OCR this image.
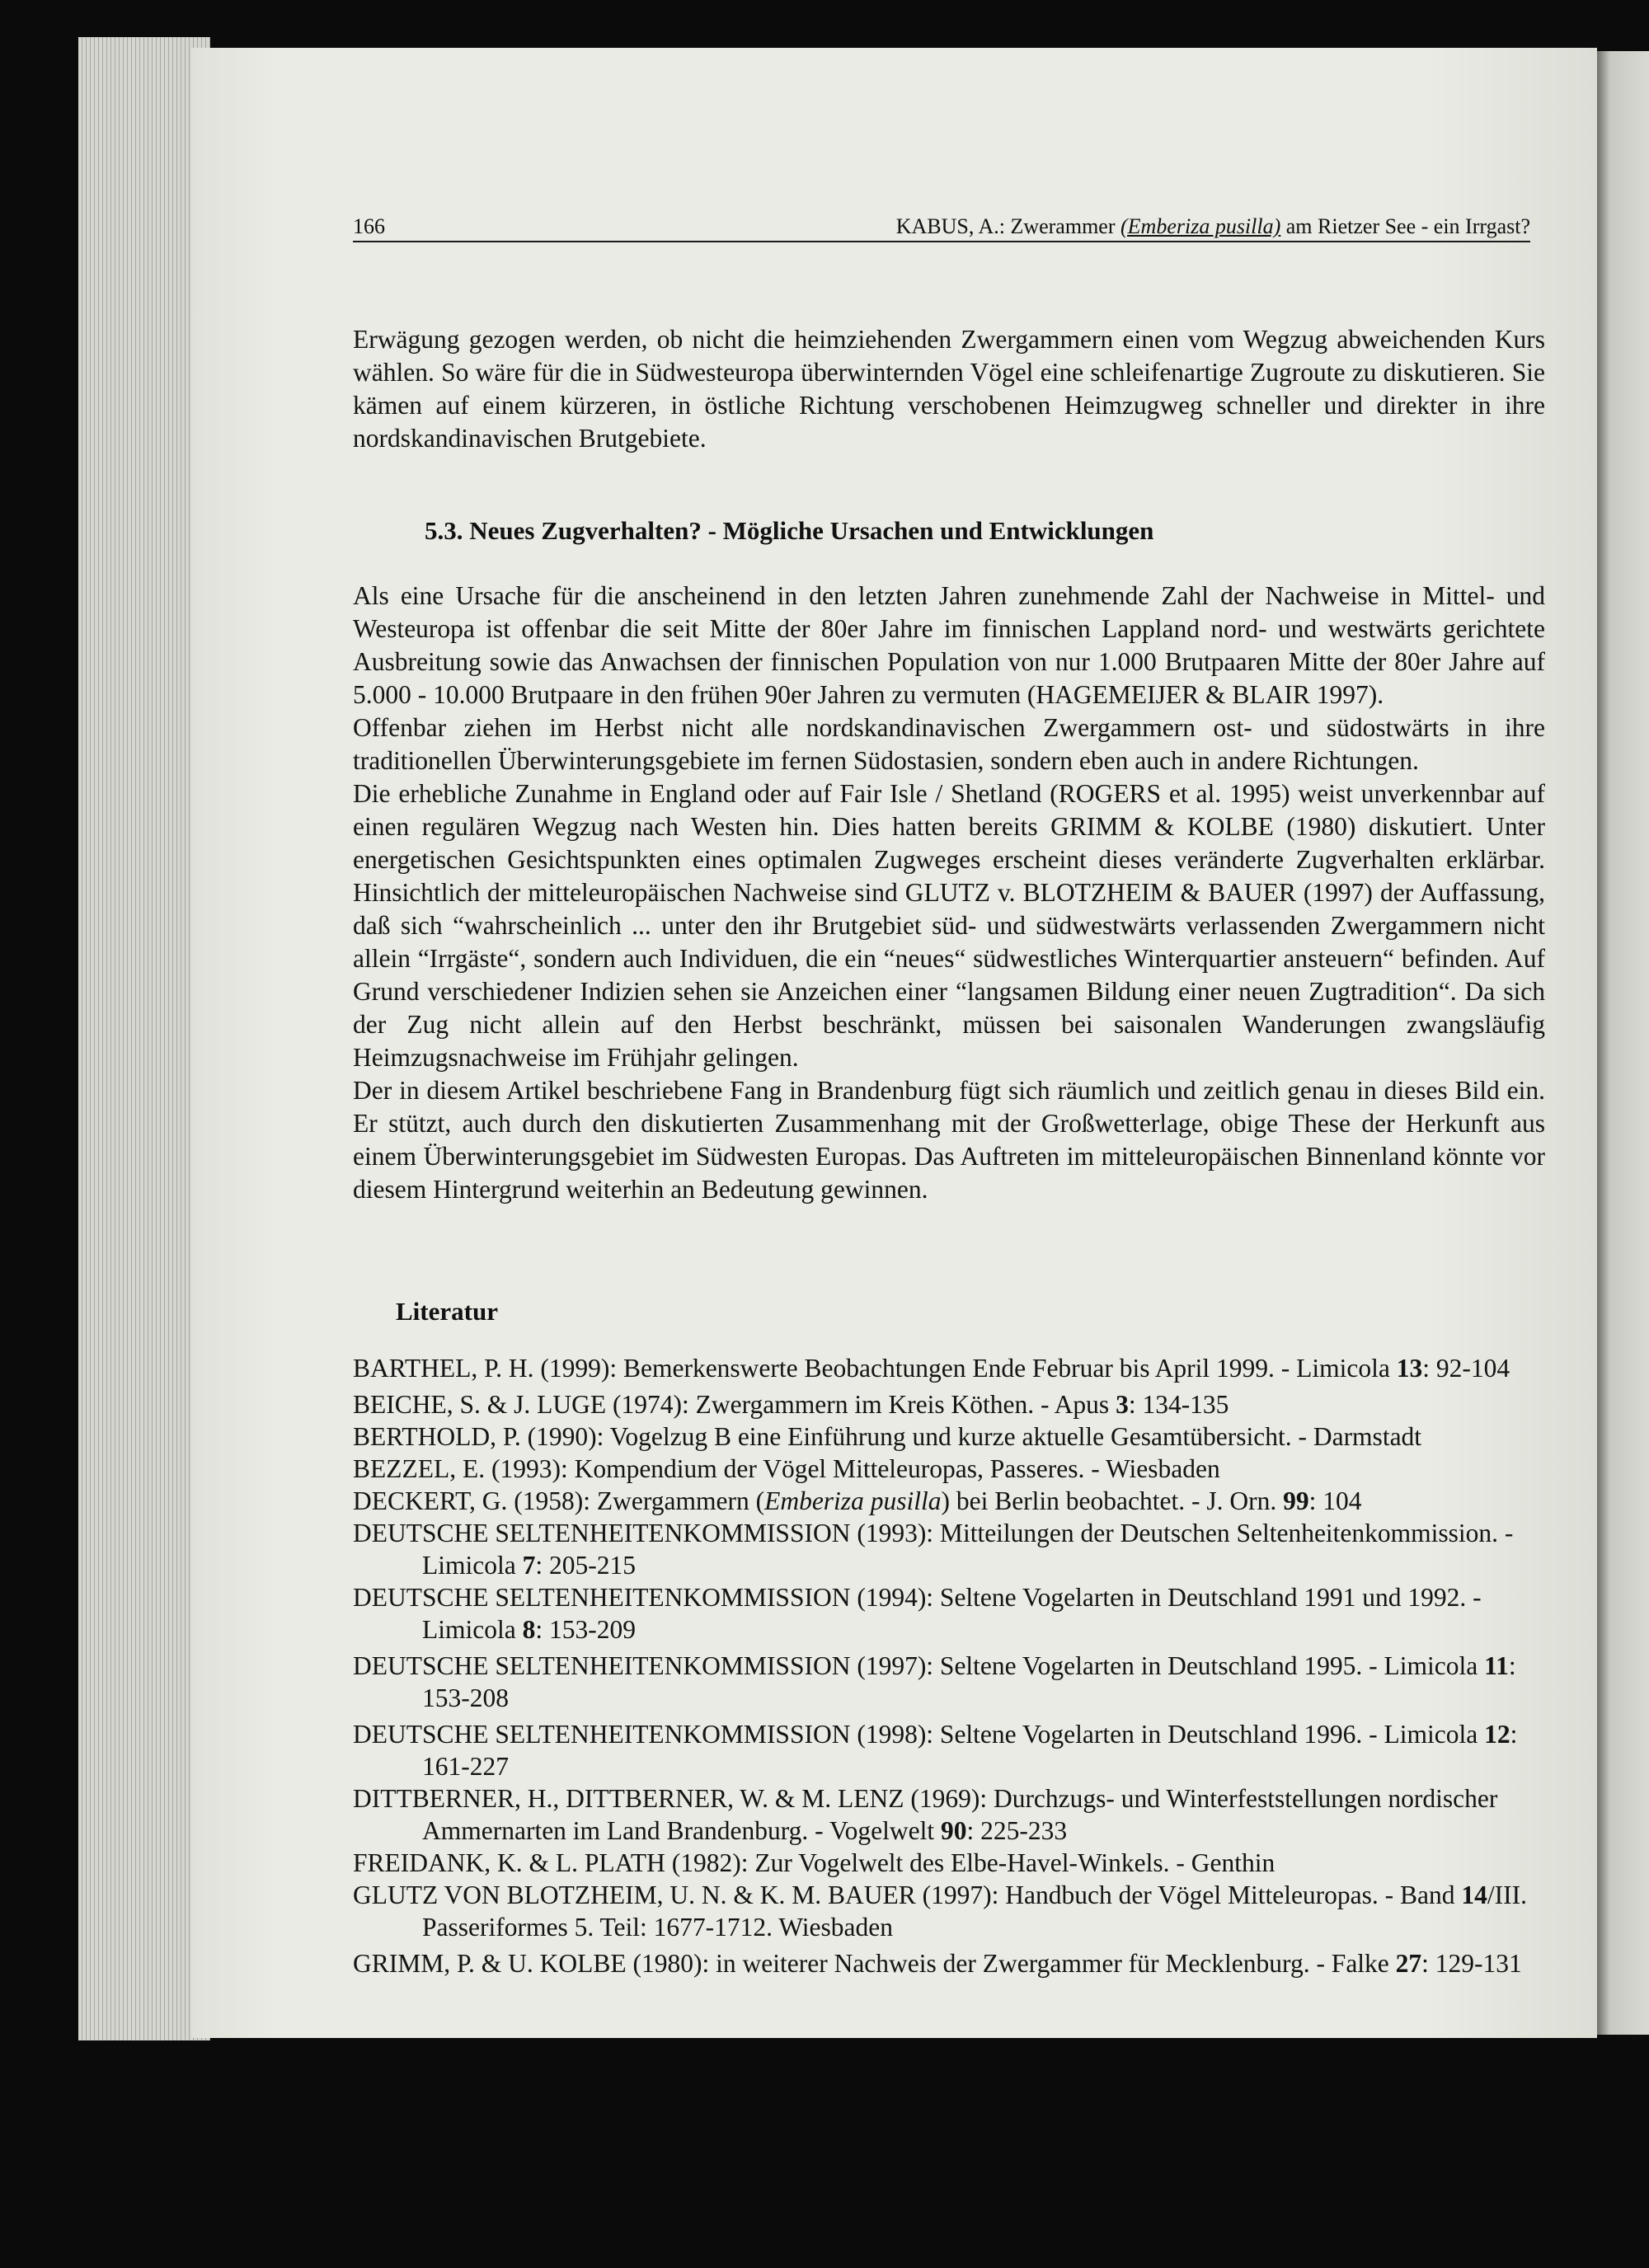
166	KABUS, A.: Zwerammer (Emberiza pusilla) am Rietzer See - ein Irrgast?

Erwägung gezogen werden, ob nicht die heimziehenden Zwergammern einen vom Wegzug abweichenden Kurs wählen. So wäre für die in Südwesteuropa überwinternden Vögel eine schleifenartige Zugroute zu diskutieren. Sie kämen auf einem kürzeren, in östliche Richtung verschobenen Heimzugweg schneller und direkter in ihre nordskandinavischen Brutgebiete.

5.3. Neues Zugverhalten? - Mögliche Ursachen und Entwicklungen

Als eine Ursache für die anscheinend in den letzten Jahren zunehmende Zahl der Nachweise in Mittel- und Westeuropa ist offenbar die seit Mitte der 80er Jahre im finnischen Lappland nord- und westwärts gerichtete Ausbreitung sowie das Anwachsen der finnischen Population von nur 1.000 Brutpaaren Mitte der 80er Jahre auf 5.000 - 10.000 Brutpaare in den frühen 90er Jahren zu vermuten (HAGEMEIJER & BLAIR 1997).

Offenbar ziehen im Herbst nicht alle nordskandinavischen Zwergammern ost- und südostwärts in ihre traditionellen Überwinterungsgebiete im fernen Südostasien, sondern eben auch in andere Richtungen.

Die erhebliche Zunahme in England oder auf Fair Isle / Shetland (ROGERS et al. 1995) weist unverkennbar auf einen regulären Wegzug nach Westen hin. Dies hatten bereits GRIMM & KOLBE (1980) diskutiert. Unter energetischen Gesichtspunkten eines optimalen Zugweges erscheint dieses veränderte Zugverhalten erklärbar. Hinsichtlich der mitteleuropäischen Nachweise sind GLUTZ v. BLOTZHEIM & BAUER (1997) der Auffassung, daß sich “wahrscheinlich ... unter den ihr Brutgebiet süd- und südwestwärts verlassenden Zwergammern nicht allein “Irrgäste“, sondern auch Individuen, die ein “neues“ südwestliches Winterquartier ansteuern“ befinden. Auf Grund verschiedener Indizien sehen sie Anzeichen einer “langsamen Bildung einer neuen Zugtradition“. Da sich der Zug nicht allein auf den Herbst beschränkt, müssen bei saisonalen Wanderungen zwangsläufig Heimzugsnachweise im Frühjahr gelingen.

Der in diesem Artikel beschriebene Fang in Brandenburg fügt sich räumlich und zeitlich genau in dieses Bild ein. Er stützt, auch durch den diskutierten Zusammenhang mit der Großwetterlage, obige These der Herkunft aus einem Überwinterungsgebiet im Südwesten Europas. Das Auftreten im mitteleuropäischen Binnenland könnte vor diesem Hintergrund weiterhin an Bedeutung gewinnen.

Literatur

BARTHEL, P. H. (1999): Bemerkenswerte Beobachtungen Ende Februar bis April 1999. - Limicola 13: 92-104

BEICHE, S. & J. LUGE (1974): Zwergammern im Kreis Köthen. - Apus 3: 134-135

BERTHOLD, P. (1990): Vogelzug B eine Einführung und kurze aktuelle Gesamtübersicht. - Darmstadt

BEZZEL, E. (1993): Kompendium der Vögel Mitteleuropas, Passeres. - Wiesbaden

DECKERT, G. (1958): Zwergammern (Emberiza pusilla) bei Berlin beobachtet. - J. Orn. 99: 104

DEUTSCHE SELTENHEITENKOMMISSION (1993): Mitteilungen der Deutschen Seltenheitenkommission. - Limicola 7: 205-215

DEUTSCHE SELTENHEITENKOMMISSION (1994): Seltene Vogelarten in Deutschland 1991 und 1992. - Limicola 8: 153-209

DEUTSCHE SELTENHEITENKOMMISSION (1997): Seltene Vogelarten in Deutschland 1995. - Limicola 11: 153-208

DEUTSCHE SELTENHEITENKOMMISSION (1998): Seltene Vogelarten in Deutschland 1996. - Limicola 12: 161-227

DITTBERNER, H., DITTBERNER, W. & M. LENZ (1969): Durchzugs- und Winterfeststellungen nordischer Ammernarten im Land Brandenburg. - Vogelwelt 90: 225-233

FREIDANK, K. & L. PLATH (1982): Zur Vogelwelt des Elbe-Havel-Winkels. - Genthin

GLUTZ VON BLOTZHEIM, U. N. & K. M. BAUER (1997): Handbuch der Vögel Mitteleuropas. - Band 14/III. Passeriformes 5. Teil: 1677-1712. Wiesbaden

GRIMM, P. & U. KOLBE (1980): in weiterer Nachweis der Zwergammer für Mecklenburg. - Falke 27: 129-131
